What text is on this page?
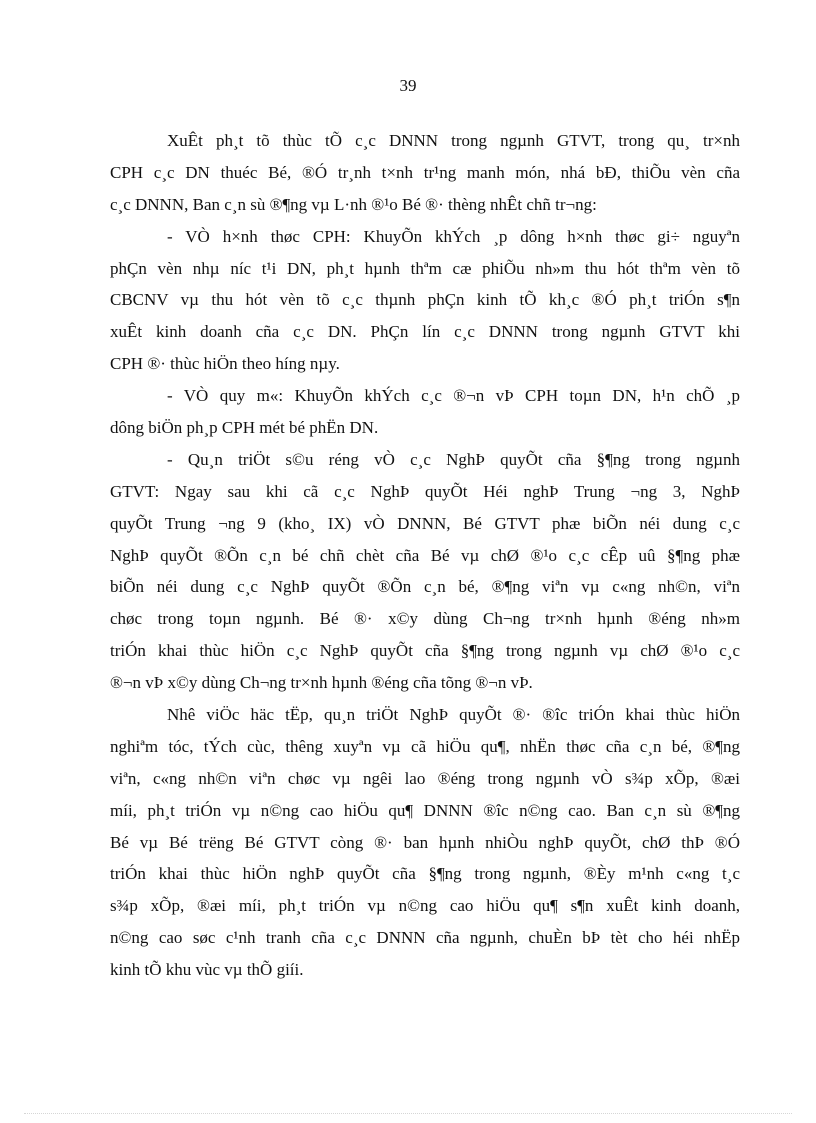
39
XuÊt ph¸t tõ thùc tÕ c¸c DNNN trong ngµnh GTVT, trong qu¸ tr×nh
CPH c¸c DN thuéc Bé, ®Ó tr¸nh t×nh tr¹ng manh món, nhá bÐ, thiÕu vèn cña
c¸c DNNN, Ban c¸n sù ®¶ng vµ L·nh ®¹o Bé ®· thèng nhÊt chñ tr¬ng:
- VÒ h×nh thøc CPH: KhuyÕn khÝch ¸p dông h×nh thøc gi÷ nguyªn
phÇn vèn nhµ níc t¹i DN, ph¸t hµnh thªm cæ phiÕu nh»m thu hót thªm vèn tõ
CBCNV vµ thu hót vèn tõ c¸c thµnh phÇn kinh tÕ kh¸c ®Ó ph¸t triÓn s¶n
xuÊt kinh doanh cña c¸c DN. PhÇn lín c¸c DNNN trong ngµnh GTVT khi
CPH ®· thùc hiÖn theo híng nµy.
- VÒ quy m«: KhuyÕn khÝch c¸c ®¬n vÞ CPH toµn DN, h¹n chÕ ¸p
dông biÖn ph¸p CPH mét bé phËn DN.
- Qu¸n triÖt s©u réng vÒ c¸c NghÞ quyÕt cña §¶ng trong ngµnh
GTVT: Ngay sau khi cã c¸c NghÞ quyÕt Héi nghÞ Trung ¬ng 3, NghÞ
quyÕt Trung ¬ng 9 (kho¸ IX) vÒ DNNN, Bé GTVT phæ biÕn néi dung c¸c
NghÞ quyÕt ®Õn c¸n bé chñ chèt cña Bé vµ chØ ®¹o c¸c cÊp uû §¶ng phæ
biÕn néi dung c¸c NghÞ quyÕt ®Õn c¸n bé, ®¶ng viªn vµ c«ng nh©n, viªn
chøc trong toµn ngµnh. Bé ®· x©y dùng Ch¬ng tr×nh hµnh ®éng nh»m
triÓn khai thùc hiÖn c¸c NghÞ quyÕt cña §¶ng trong ngµnh vµ chØ ®¹o c¸c
®¬n vÞ x©y dùng Ch¬ng tr×nh hµnh ®éng cña tõng ®¬n vÞ.
Nhê viÖc häc tËp, qu¸n triÖt NghÞ quyÕt ®· ®îc triÓn khai thùc hiÖn
nghiªm tóc, tÝch cùc, thêng xuyªn vµ cã hiÖu qu¶, nhËn thøc cña c¸n bé, ®¶ng
viªn, c«ng nh©n viªn chøc vµ ngêi lao ®éng trong ngµnh vÒ s¾p xÕp, ®æi
míi, ph¸t triÓn vµ n©ng cao hiÖu qu¶ DNNN ®îc n©ng cao. Ban c¸n sù ®¶ng
Bé vµ Bé trëng Bé GTVT còng ®· ban hµnh nhiÒu nghÞ quyÕt, chØ thÞ ®Ó
triÓn khai thùc hiÖn nghÞ quyÕt cña §¶ng trong ngµnh, ®Èy m¹nh c«ng t¸c
s¾p xÕp, ®æi míi, ph¸t triÓn vµ n©ng cao hiÖu qu¶ s¶n xuÊt kinh doanh,
n©ng cao søc c¹nh tranh cña c¸c DNNN cña ngµnh, chuÈn bÞ tèt cho héi nhËp
kinh tÕ khu vùc vµ thÕ giíi.
